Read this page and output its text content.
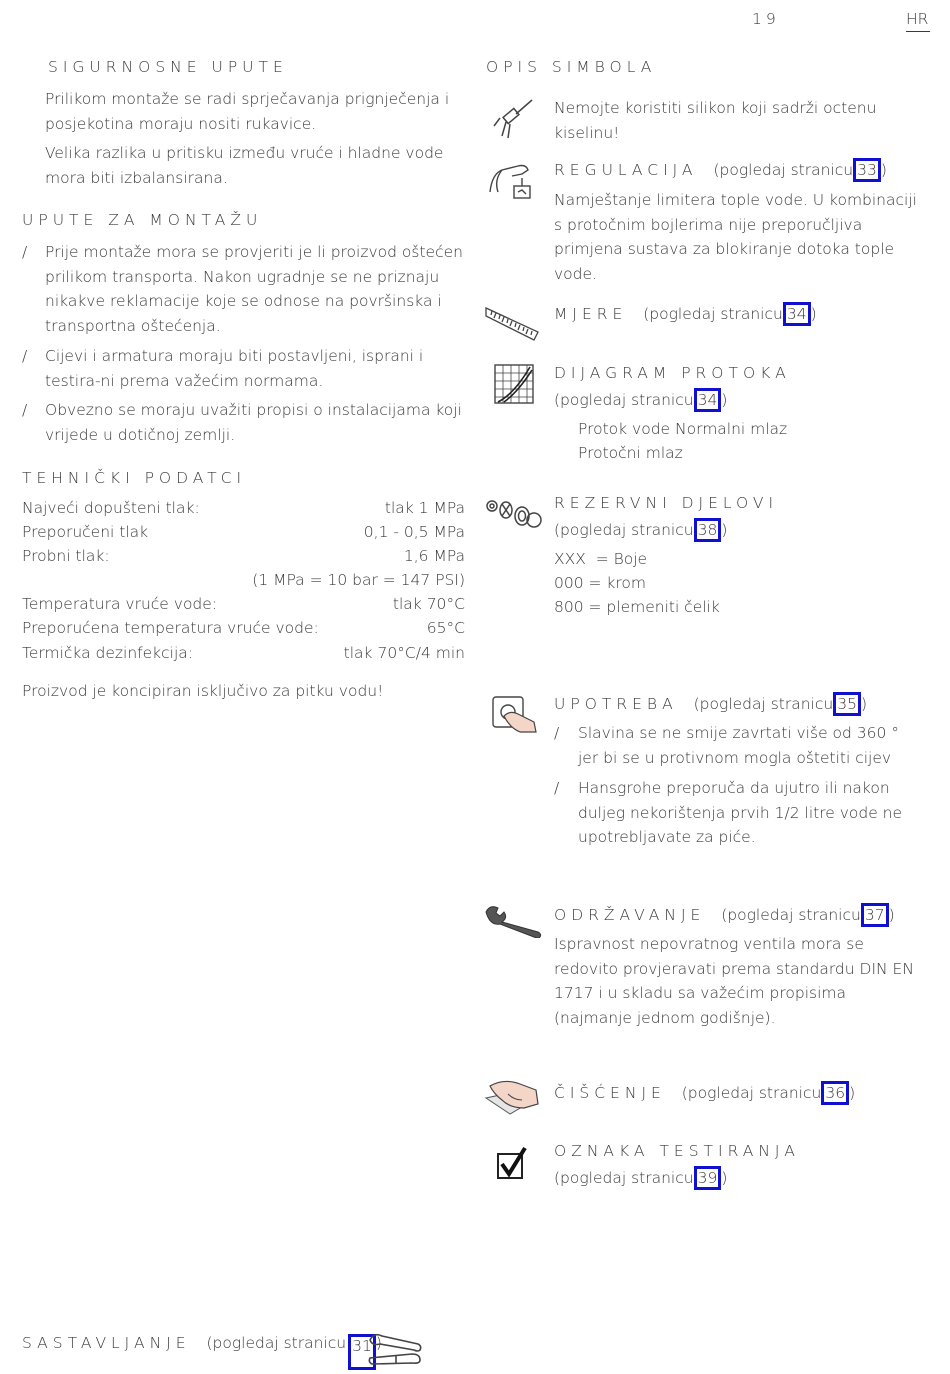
19	HR
SIGURNOSNE UPUTE
Prilikom montaže se radi sprječavanja prignječenja i posjekotina moraju nositi rukavice.
Velika razlika u pritisku između vruće i hladne vode mora biti izbalansirana.
UPUTE ZA MONTAŽU
/ Prije montaže mora se provjeriti je li proizvod oštećen prilikom transporta. Nakon ugradnje se ne priznaju nikakve reklamacije koje se odnose na površinska i transportna oštećenja.
/ Cijevi i armatura moraju biti postavljeni, isprani i testira-ni prema važećim normama.
/ Obvezno se moraju uvažiti propisi o instalacijama koji vrijede u dotičnoj zemlji.
TEHNIČKI PODATCI
Najveći dopušteni tlak:	tlak 1 MPa
Preporučeni tlak	0,1 - 0,5 MPa
Probni tlak:	1,6 MPa
(1 MPa = 10 bar = 147 PSI)
Temperatura vruće vode:	tlak 70°C
Preporućena temperatura vruće vode:	65°C
Termička dezinfekcija:	tlak 70°C/4 min
Proizvod je koncipiran isključivo za pitku vodu!
SASTAVLJANJE (pogledaj stranicu 31 )
OPIS SIMBOLA
Nemojte koristiti silikon koji sadrži octenu kiselinu!
REGULACIJA (pogledaj stranicu 33 )
Namještanje limitera tople vode. U kombinaciji s protočnim bojlerima nije preporučljiva primjena sustava za blokiranje dotoka tople vode.
MJERE (pogledaj stranicu 34 )
DIJAGRAM PROTOKA
(pogledaj stranicu 34 )
Protok vode Normalni mlaz
Protočni mlaz
REZERVNI DJELOVI
(pogledaj stranicu 38 )
XXX  = Boje
000 = krom
800 = plemeniti čelik
UPOTREBA (pogledaj stranicu 35 )
/ Slavina se ne smije zavrtati više od 360 ° jer bi se u protivnom mogla oštetiti cijev
/ Hansgrohe preporuča da ujutro ili nakon duljeg nekorištenja prvih 1/2 litre vode ne upotrebljavate za piće.
ODRŽAVANJE (pogledaj stranicu 37 )
Ispravnost nepovratnog ventila mora se redovito provjeravati prema standardu DIN EN 1717 i u skladu sa važećim propisima (najmanje jednom godišnje).
ČIŠĆENJE (pogledaj stranicu 36 )
OZNAKA TESTIRANJA
(pogledaj stranicu 39 )
